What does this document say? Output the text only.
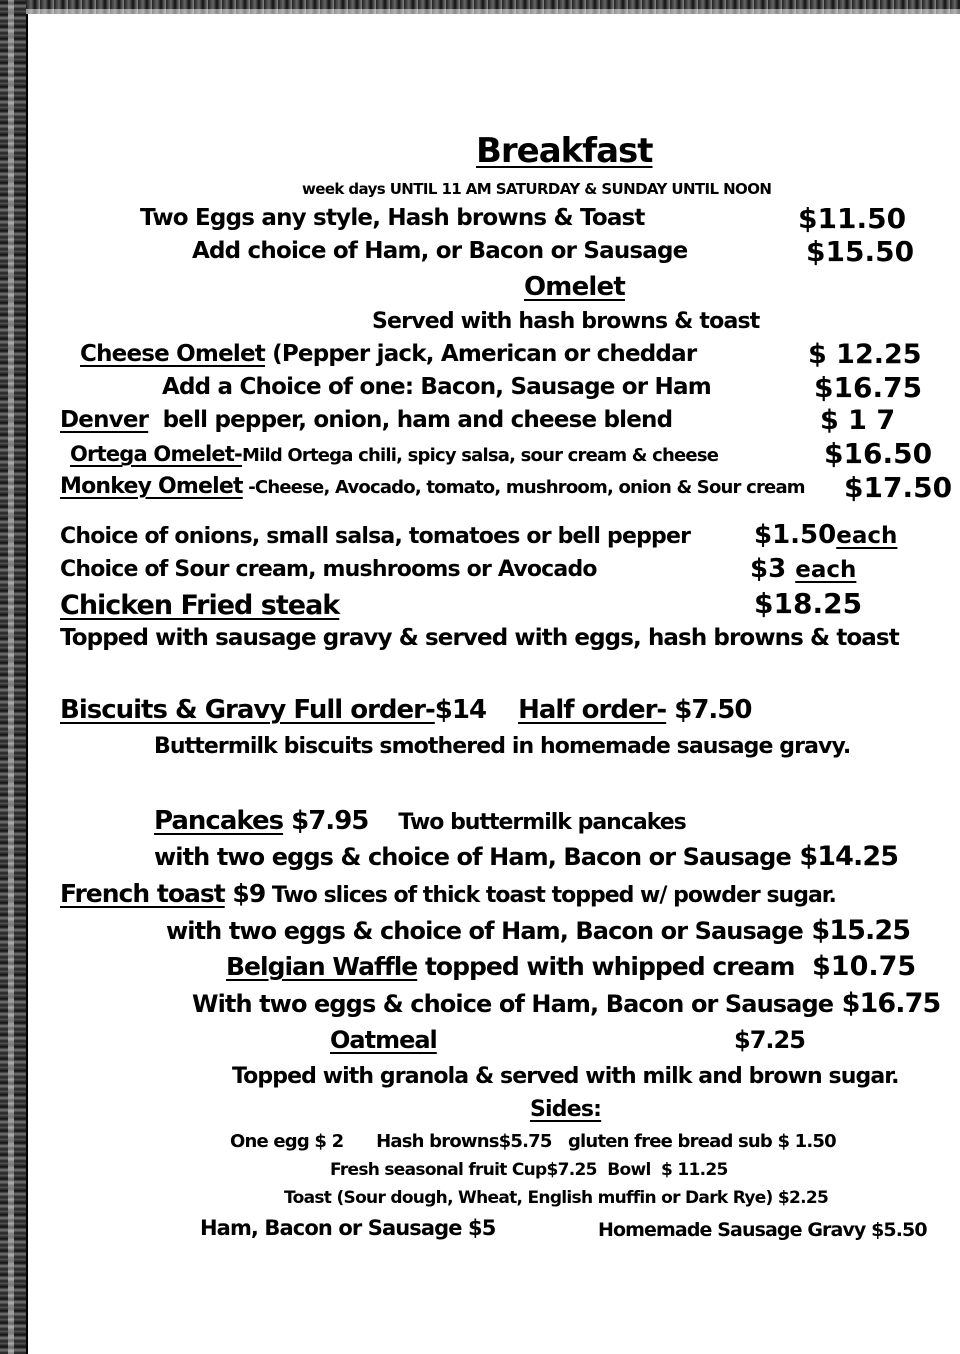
Breakfast
week days UNTIL 11 AM SATURDAY & SUNDAY UNTIL NOON
Two Eggs any style, Hash browns & Toast	$11.50
Add choice of Ham, or Bacon or Sausage	$15.50
Omelet
Served with hash browns & toast
Cheese Omelet (Pepper jack, American or cheddar	$ 12.25
Add a Choice of one: Bacon, Sausage or Ham	$16.75
Denver  bell pepper, onion, ham and cheese blend	$ 1 7
Ortega Omelet-Mild Ortega chili, spicy salsa, sour cream & cheese	$16.50
Monkey Omelet -Cheese, Avocado, tomato, mushroom, onion & Sour cream $17.50
Choice of onions, small salsa, tomatoes or bell pepper $1.50each
Choice of Sour cream, mushrooms or Avocado	$3 each
Chicken Fried steak	$18.25
Topped with sausage gravy & served with eggs, hash browns & toast
Biscuits & Gravy Full order-$14 Half order- $7.50
Buttermilk biscuits smothered in homemade sausage gravy.
Pancakes $7.95 Two buttermilk pancakes
with two eggs & choice of Ham, Bacon or Sausage $14.25
French toast $9 Two slices of thick toast topped w/ powder sugar.
with two eggs & choice of Ham, Bacon or Sausage $15.25
Belgian Waffle topped with whipped cream $10.75
With two eggs & choice of Ham, Bacon or Sausage $16.75
Oatmeal	$7.25
Topped with granola & served with milk and brown sugar.
Sides:
One egg $ 2      Hash browns$5.75   gluten free bread sub $ 1.50
Fresh seasonal fruit Cup$7.25  Bowl  $ 11.25
Toast (Sour dough, Wheat, English muffin or Dark Rye) $2.25
Ham, Bacon or Sausage $5	Homemade Sausage Gravy $5.50
